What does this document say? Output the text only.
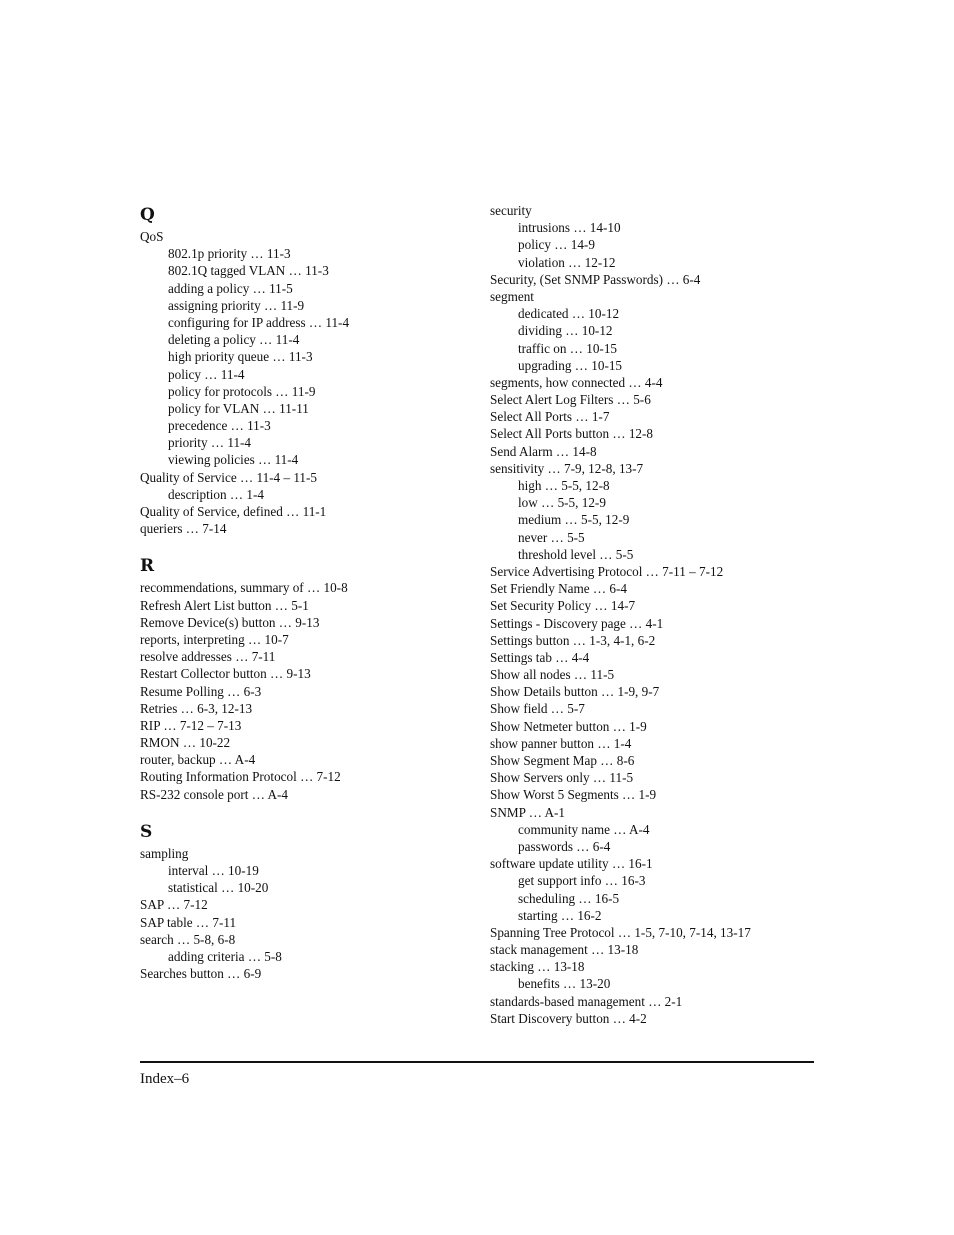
Q
QoS
802.1p priority … 11-3
802.1Q tagged VLAN … 11-3
adding a policy … 11-5
assigning priority … 11-9
configuring for IP address … 11-4
deleting a policy … 11-4
high priority queue … 11-3
policy … 11-4
policy for protocols … 11-9
policy for VLAN … 11-11
precedence … 11-3
priority … 11-4
viewing policies … 11-4
Quality of Service … 11-4 – 11-5
description … 1-4
Quality of Service, defined … 11-1
queriers … 7-14
R
recommendations, summary of … 10-8
Refresh Alert List button … 5-1
Remove Device(s) button … 9-13
reports, interpreting … 10-7
resolve addresses … 7-11
Restart Collector button … 9-13
Resume Polling … 6-3
Retries … 6-3, 12-13
RIP … 7-12 – 7-13
RMON … 10-22
router, backup … A-4
Routing Information Protocol … 7-12
RS-232 console port … A-4
S
sampling
interval … 10-19
statistical … 10-20
SAP … 7-12
SAP table … 7-11
search … 5-8, 6-8
adding criteria … 5-8
Searches button … 6-9
security
intrusions … 14-10
policy … 14-9
violation … 12-12
Security, (Set SNMP Passwords) … 6-4
segment
dedicated … 10-12
dividing … 10-12
traffic on … 10-15
upgrading … 10-15
segments, how connected … 4-4
Select Alert Log Filters … 5-6
Select All Ports … 1-7
Select All Ports button … 12-8
Send Alarm … 14-8
sensitivity … 7-9, 12-8, 13-7
high … 5-5, 12-8
low … 5-5, 12-9
medium … 5-5, 12-9
never … 5-5
threshold level … 5-5
Service Advertising Protocol … 7-11 – 7-12
Set Friendly Name … 6-4
Set Security Policy … 14-7
Settings - Discovery page … 4-1
Settings button … 1-3, 4-1, 6-2
Settings tab … 4-4
Show all nodes … 11-5
Show Details button … 1-9, 9-7
Show field … 5-7
Show Netmeter button … 1-9
show panner button … 1-4
Show Segment Map … 8-6
Show Servers only … 11-5
Show Worst 5 Segments … 1-9
SNMP … A-1
community name … A-4
passwords … 6-4
software update utility … 16-1
get support info … 16-3
scheduling … 16-5
starting … 16-2
Spanning Tree Protocol … 1-5, 7-10, 7-14, 13-17
stack management … 13-18
stacking … 13-18
benefits … 13-20
standards-based management … 2-1
Start Discovery button … 4-2
Index–6
